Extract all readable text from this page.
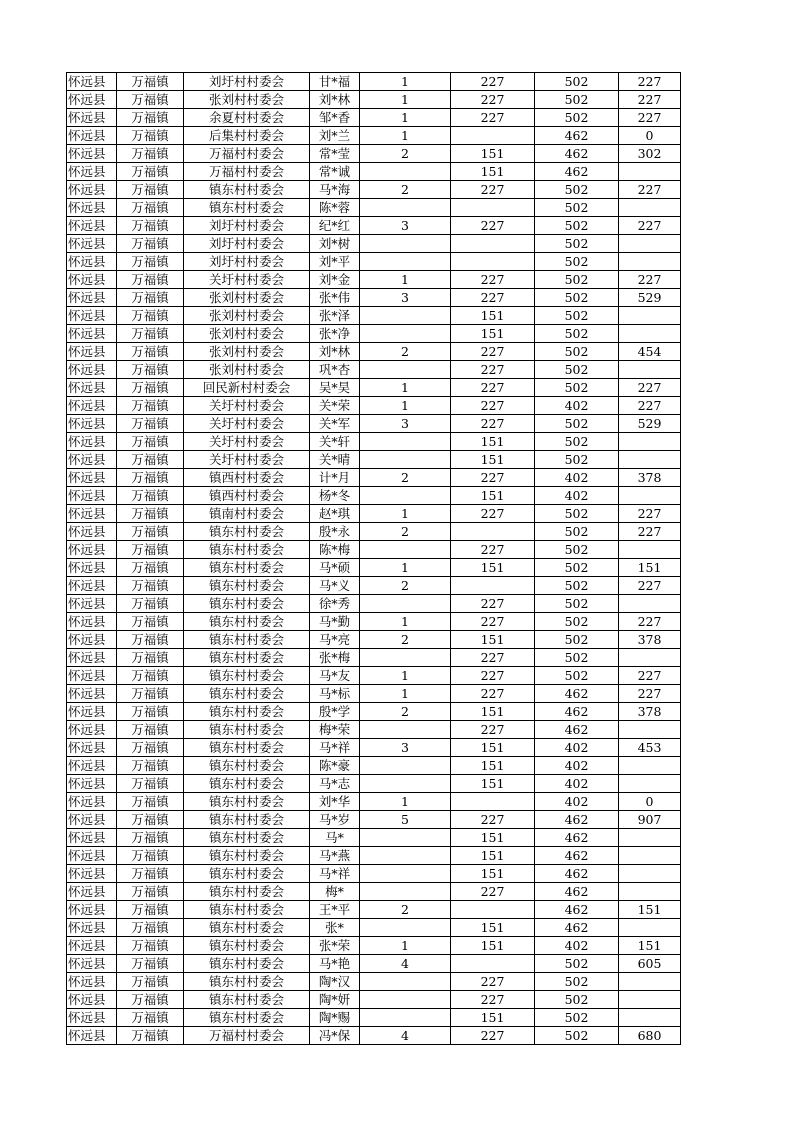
怀远县	万福镇	刘圩村村委会	甘*福	1	227	502	227
怀远县	万福镇	张刘村村委会	刘*林	1	227	502	227
怀远县	万福镇	余夏村村委会	邹*香	1	227	502	227
怀远县	万福镇	后集村村委会	刘*兰	1		462	0
怀远县	万福镇	万福村村委会	常*莹	2	151	462	302
怀远县	万福镇	万福村村委会	常*诚		151	462	
怀远县	万福镇	镇东村村委会	马*海	2	227	502	227
怀远县	万福镇	镇东村村委会	陈*蓉			502	
怀远县	万福镇	刘圩村村委会	纪*红	3	227	502	227
怀远县	万福镇	刘圩村村委会	刘*树			502	
怀远县	万福镇	刘圩村村委会	刘*平			502	
怀远县	万福镇	关圩村村委会	刘*金	1	227	502	227
怀远县	万福镇	张刘村村委会	张*伟	3	227	502	529
怀远县	万福镇	张刘村村委会	张*泽		151	502	
怀远县	万福镇	张刘村村委会	张*净		151	502	
怀远县	万福镇	张刘村村委会	刘*林	2	227	502	454
怀远县	万福镇	张刘村村委会	巩*杏		227	502	
怀远县	万福镇	回民新村村委会	吴*昊	1	227	502	227
怀远县	万福镇	关圩村村委会	关*荣	1	227	402	227
怀远县	万福镇	关圩村村委会	关*军	3	227	502	529
怀远县	万福镇	关圩村村委会	关*轩		151	502	
怀远县	万福镇	关圩村村委会	关*晴		151	502	
怀远县	万福镇	镇西村村委会	计*月	2	227	402	378
怀远县	万福镇	镇西村村委会	杨*冬		151	402	
怀远县	万福镇	镇南村村委会	赵*琪	1	227	502	227
怀远县	万福镇	镇东村村委会	殷*永	2		502	227
怀远县	万福镇	镇东村村委会	陈*梅		227	502	
怀远县	万福镇	镇东村村委会	马*硕	1	151	502	151
怀远县	万福镇	镇东村村委会	马*义	2		502	227
怀远县	万福镇	镇东村村委会	徐*秀		227	502	
怀远县	万福镇	镇东村村委会	马*勤	1	227	502	227
怀远县	万福镇	镇东村村委会	马*亮	2	151	502	378
怀远县	万福镇	镇东村村委会	张*梅		227	502	
怀远县	万福镇	镇东村村委会	马*友	1	227	502	227
怀远县	万福镇	镇东村村委会	马*标	1	227	462	227
怀远县	万福镇	镇东村村委会	殷*学	2	151	462	378
怀远县	万福镇	镇东村村委会	梅*荣		227	462	
怀远县	万福镇	镇东村村委会	马*祥	3	151	402	453
怀远县	万福镇	镇东村村委会	陈*豪		151	402	
怀远县	万福镇	镇东村村委会	马*志		151	402	
怀远县	万福镇	镇东村村委会	刘*华	1		402	0
怀远县	万福镇	镇东村村委会	马*岁	5	227	462	907
怀远县	万福镇	镇东村村委会	马*		151	462	
怀远县	万福镇	镇东村村委会	马*燕		151	462	
怀远县	万福镇	镇东村村委会	马*祥		151	462	
怀远县	万福镇	镇东村村委会	梅*		227	462	
怀远县	万福镇	镇东村村委会	王*平	2		462	151
怀远县	万福镇	镇东村村委会	张*		151	462	
怀远县	万福镇	镇东村村委会	张*荣	1	151	402	151
怀远县	万福镇	镇东村村委会	马*艳	4		502	605
怀远县	万福镇	镇东村村委会	陶*汉		227	502	
怀远县	万福镇	镇东村村委会	陶*妍		227	502	
怀远县	万福镇	镇东村村委会	陶*赐		151	502	
怀远县	万福镇	万福村村委会	冯*保	4	227	502	680
